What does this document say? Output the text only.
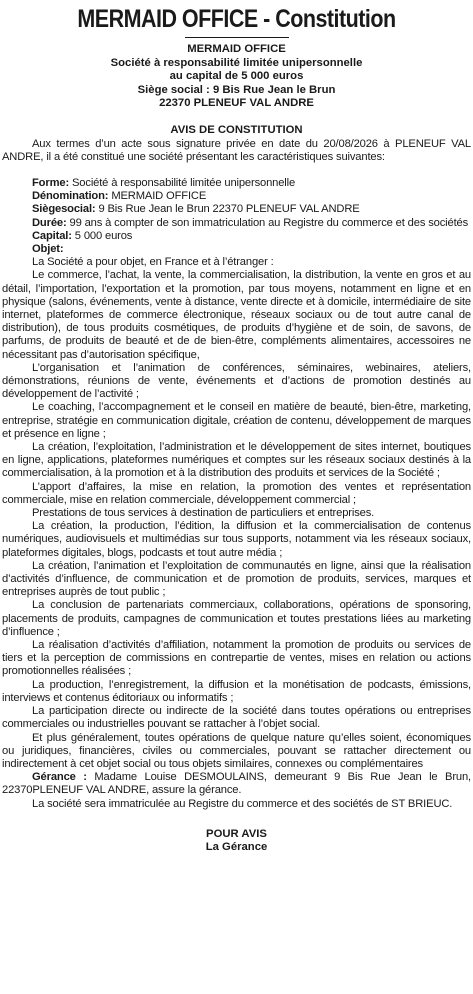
MERMAID OFFICE - Constitution
MERMAID OFFICE
Société à responsabilité limitée unipersonnelle
au capital de 5 000 euros
Siège social : 9 Bis Rue Jean le Brun
22370 PLENEUF VAL ANDRE
AVIS DE CONSTITUTION

Aux termes d’un acte sous signature privée en date du 20/08/2026 à PLENEUF VAL ANDRE, il a été constitué une société présentant les caractéristiques suivantes:

Forme: Société à responsabilité limitée unipersonnelle

Dénomination: MERMAID OFFICE

Siègesocial: 9 Bis Rue Jean le Brun 22370 PLENEUF VAL ANDRE

Durée: 99 ans à compter de son immatriculation au Registre du commerce et des sociétés

Capital: 5 000 euros

Objet:

La Société a pour objet, en France et à l’étranger :

Le commerce, l’achat, la vente, la commercialisation, la distribution, la vente en gros et au détail, l’importation, l’exportation et la promotion, par tous moyens, notamment en ligne et en physique (salons, événements, vente à distance, vente directe et à domicile, intermédiaire de site internet, plateformes de commerce électronique, réseaux sociaux ou de tout autre canal de distribution), de tous produits cosmétiques, de produits d’hygiène et de soin, de savons, de parfums, de produits de beauté et de de bien-être, compléments alimentaires, accessoires ne nécessitant pas d’autorisation spécifique,

L’organisation et l’animation de conférences, séminaires, webinaires, ateliers, démonstrations, réunions de vente, événements et d’actions de promotion destinés au développement de l’activité ;

Le coaching, l’accompagnement et le conseil en matière de beauté, bien-être, marketing, entreprise, stratégie en communication digitale, création de contenu, développement de marques et présence en ligne ;

La création, l’exploitation, l’administration et le développement de sites internet, boutiques en ligne, applications, plateformes numériques et comptes sur les réseaux sociaux destinés à la commercialisation, à la promotion et à la distribution des produits et services de la Société ;

L’apport d’affaires, la mise en relation, la promotion des ventes et représentation commerciale, mise en relation commerciale, développement commercial ;

Prestations de tous services à destination de particuliers et entreprises.

La création, la production, l’édition, la diffusion et la commercialisation de contenus numériques, audiovisuels et multimédias sur tous supports, notamment via les réseaux sociaux, plateformes digitales, blogs, podcasts et tout autre média ;

La création, l’animation et l’exploitation de communautés en ligne, ainsi que la réalisation d’activités d’influence, de communication et de promotion de produits, services, marques et entreprises auprès de tout public ;

La conclusion de partenariats commerciaux, collaborations, opérations de sponsoring, placements de produits, campagnes de communication et toutes prestations liées au marketing d’influence ;

La réalisation d’activités d’affiliation, notamment la promotion de produits ou services de tiers et la perception de commissions en contrepartie de ventes, mises en relation ou actions promotionnelles réalisées ;

La production, l’enregistrement, la diffusion et la monétisation de podcasts, émissions, interviews et contenus éditoriaux ou informatifs ;

La participation directe ou indirecte de la société dans toutes opérations ou entreprises commerciales ou industrielles pouvant se rattacher à l’objet social.

Et plus généralement, toutes opérations de quelque nature qu’elles soient, économiques ou juridiques, financières, civiles ou commerciales, pouvant se rattacher directement ou indirectement à cet objet social ou tous objets similaires, connexes ou complémentaires

Gérance : Madame Louise DESMOULAINS, demeurant 9 Bis Rue Jean le Brun, 22370PLENEUF VAL ANDRE, assure la gérance.

La société sera immatriculée au Registre du commerce et des sociétés de ST BRIEUC.

POUR AVIS
La Gérance
